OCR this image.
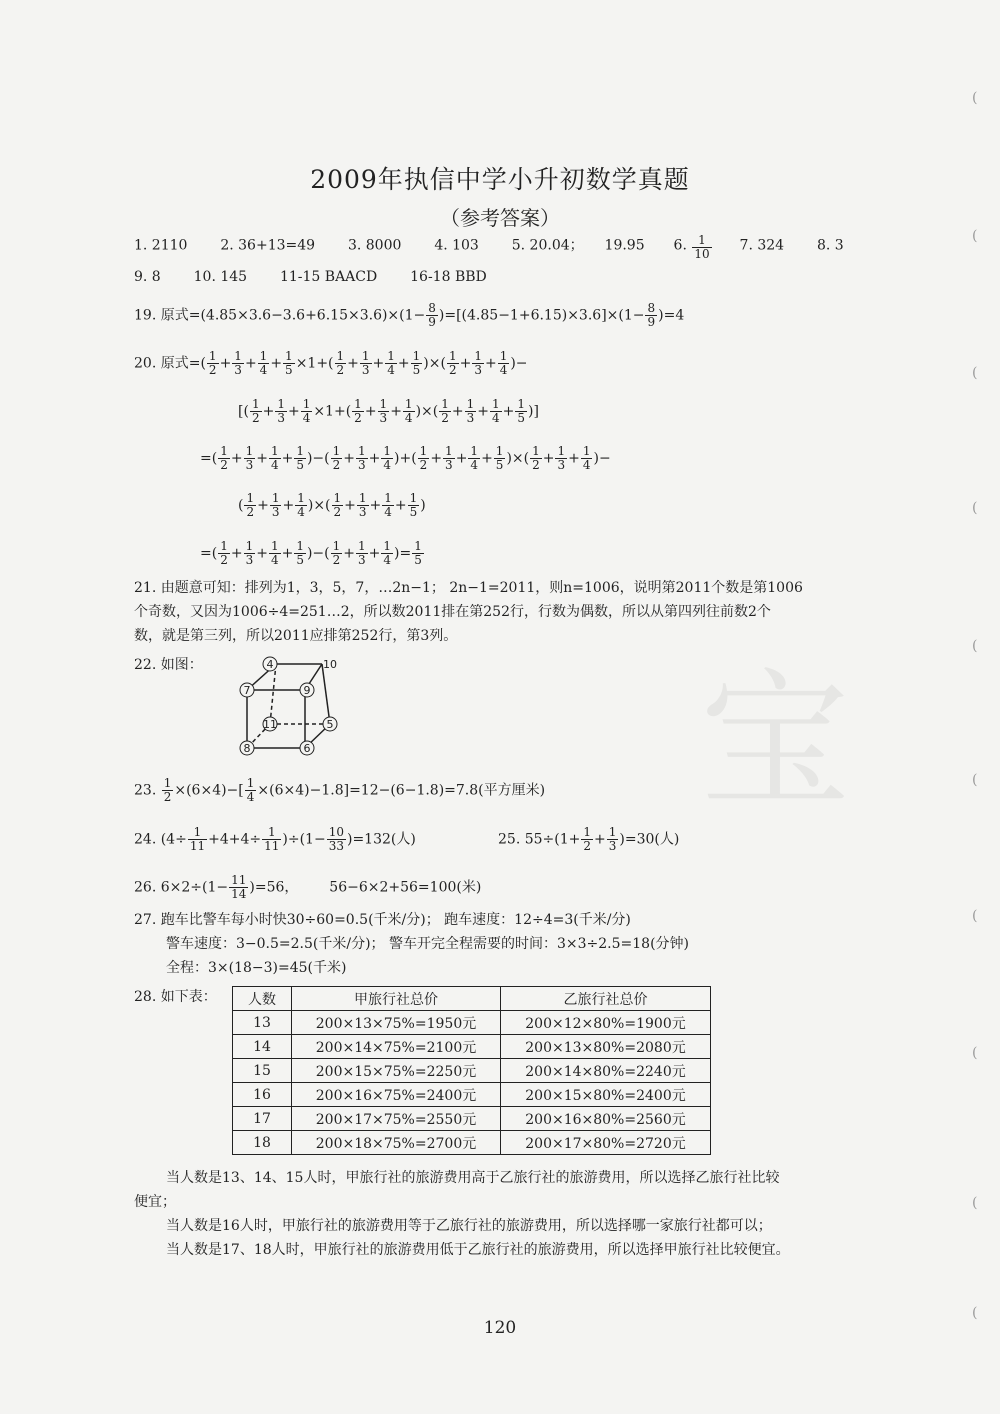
宝
(
(
(
(
(
(
(
(
(
(
2009年执信中学小升初数学真题
（参考答案）
1. 2110 2. 36+13=49 3. 8000 4. 103 5. 20.04； 19.95 6. $\frac{1}{10} 7$. 324 8. 3
9. 8 10. 145 11-15 BAACD 16-18 BBD
19. 原式$=(4.85\times 3.6-3.6+6.15\times 3.6)\times(1- \frac{8}{9} )=[(4.85-1+6.15)\times 3.6]\times(1- \frac{8}{9} )=4$
20. 原式=( $\frac{1}{2} + \frac{1}{3} + \frac{1}{4} + \frac{1}{5} \times 1+( \frac{1}{2} + \frac{1}{3} + \frac{1}{4} + \frac{1}{5}$ )×( $\frac{1}{2} + \frac{1}{3} + \frac{1}{4}$ )−
[( $\frac{1}{2} + \frac{1}{3} + \frac{1}{4} \times 1+( \frac{1}{2} + \frac{1}{3} + \frac{1}{4}$ )×( $\frac{1}{2} + \frac{1}{3} + \frac{1}{4} + \frac{1}{5}$ )]
=( $\frac{1}{2} + \frac{1}{3} + \frac{1}{4} + \frac{1}{5}$ )−( $\frac{1}{2} + \frac{1}{3} + \frac{1}{4}$ )+( $\frac{1}{2} + \frac{1}{3} + \frac{1}{4} + \frac{1}{5}$ )×( $\frac{1}{2} + \frac{1}{3} + \frac{1}{4}$ )−
( $\frac{1}{2} + \frac{1}{3} + \frac{1}{4}$ )×( $\frac{1}{2} + \frac{1}{3} + \frac{1}{4} + \frac{1}{5}$ )
=( $\frac{1}{2} + \frac{1}{3} + \frac{1}{4} + \frac{1}{5}$ )−( $\frac{1}{2} + \frac{1}{3} + \frac{1}{4}$ )= $\frac{1}{5}$
21. 由题意可知：排列为1，3，5，7，…2n−1； 2n−1=2011，则n=1006，说明第2011个数是第1006
个奇数，又因为1006÷4=251…2，所以数2011排在第252行，行数为偶数，所以从第四列往前数2个
数，就是第三列，所以2011应排第252行，第3列。
22. 如图：	4	10
7	9
11	5
8	6
23. $\frac{1}{2} \times(6\times 4)-[ \frac{1}{4} \times(6\times 4)-1.8]=12-(6-1.8)=7.8$(平方厘米)
24. $(4\div \frac{1}{11} +4+4\div \frac{1}{11} )\div(1- \frac{10}{33} )=132$(人)	25. $55\div(1+ \frac{1}{2} + \frac{1}{3} )=30$(人)
26. $6\times 2\div(1- \frac{11}{14} )=56$， 56−6×2+56=100(米)
27. 跑车比警车每小时快30÷60=0.5(千米/分)； 跑车速度：12÷4=3(千米/分)
警车速度：3−0.5=2.5(千米/分)； 警车开完全程需要的时间：3×3÷2.5=18(分钟)
全程：3×(18−3)=45(千米)
28. 如下表： 人数	甲旅行社总价	乙旅行社总价
13	200×13×75%=1950元	200×12×80%=1900元
14	200×14×75%=2100元	200×13×80%=2080元
15	200×15×75%=2250元	200×14×80%=2240元
16	200×16×75%=2400元	200×15×80%=2400元
17	200×17×75%=2550元	200×16×80%=2560元
18	200×18×75%=2700元	200×17×80%=2720元
当人数是13、14、15人时，甲旅行社的旅游费用高于乙旅行社的旅游费用，所以选择乙旅行社比较
便宜；
当人数是16人时，甲旅行社的旅游费用等于乙旅行社的旅游费用，所以选择哪一家旅行社都可以；
当人数是17、18人时，甲旅行社的旅游费用低于乙旅行社的旅游费用，所以选择甲旅行社比较便宜。
120
